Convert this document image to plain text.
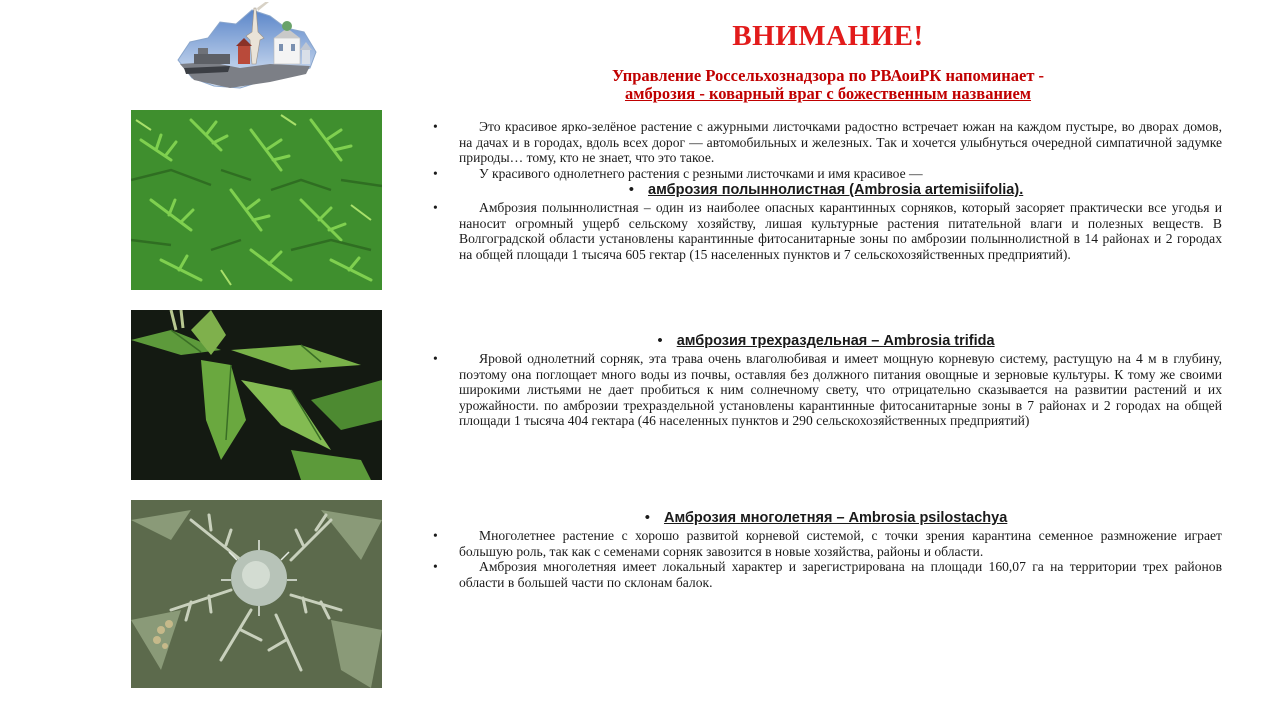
ВНИМАНИЕ!
Управление Россельхознадзора по РВАоиРК напоминает -
амброзия - коварный враг с божественным названием

•	Это красивое ярко-зелёное растение с ажурными листочками радостно встречает южан на каждом пустыре, во дворах домов, на дачах и в городах, вдоль всех дорог — автомобильных и железных. Так и хочется улыбнуться очередной симпатичной задумке природы… тому, кто не знает, что это такое.

•	У красивого однолетнего растения с резными листочками и имя красивое —

• амброзия полыннолистная (Ambrosia artemisiifolia).

•	Амброзия полыннолистная – один из наиболее опасных карантинных сорняков, который засоряет практически все угодья и наносит огромный ущерб сельскому хозяйству, лишая культурные растения питательной влаги и полезных веществ. В Волгоградской области установлены карантинные фитосанитарные зоны по амброзии полыннолистной в 14 районах и 2 городах на общей площади 1 тысяча 605 гектар (15 населенных пунктов и 7 сельскохозяйственных предприятий).

• амброзия трехраздельная – Ambrosia trifida

•	Яровой однолетний сорняк, эта трава очень влаголюбивая и имеет мощную корневую систему, растущую на 4 м в глубину, поэтому она поглощает много воды из почвы, оставляя без должного питания овощные и зерновые культуры. К тому же своими широкими листьями не дает пробиться к ним солнечному свету, что отрицательно сказывается на развитии растений и их урожайности. по амброзии трехраздельной установлены карантинные фитосанитарные зоны в 7 районах и 2 городах на общей площади 1 тысяча 404 гектара (46 населенных пунктов и 290 сельскохозяйственных предприятий)

• Амброзия многолетняя – Ambrosia psilostachya

•	Многолетнее растение с хорошо развитой корневой системой, с точки зрения карантина семенное размножение играет большую роль, так как с семенами сорняк завозится в новые хозяйства, районы и области.

•	Амброзия многолетняя имеет локальный характер и зарегистрирована на площади 160,07 га на территории трех районов области в большей части по склонам балок.
